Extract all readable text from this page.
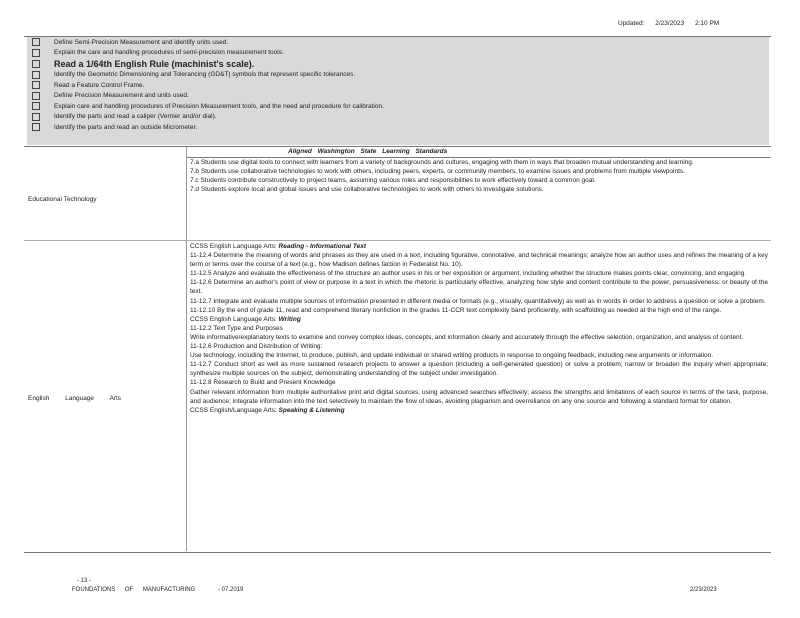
Updated: 2/23/2023 2:10 PM
Define Semi-Precision Measurement and identify units used.
Explain the care and handling procedures of semi-precision measurement tools.
Read a 1/64th English Rule (machinist's scale).
Identify the Geometric Dimensioning and Tolerancing (GD&T) symbols that represent specific tolerances.
Read a Feature Control Frame.
Define Precision Measurement and units used.
Explain care and handling procedures of Precision Measurement tools, and the need and procedure for calibration.
Identify the parts and read a caliper (Vernier and/or dial).
Identify the parts and read an outside Micrometer.
Aligned Washington State Learning Standards
Educational Technology

7.a Students use digital tools to connect with learners from a variety of backgrounds and cultures, engaging with them in ways that broaden mutual understanding and learning.

7.b Students use collaborative technologies to work with others, including peers, experts, or community members, to examine issues and problems from multiple viewpoints.

7.c Students contribute constructively to project teams, assuming various roles and responsibilities to work effectively toward a common goal.

7.d Students explore local and global issues and use collaborative technologies to work with others to investigate solutions.

English Language Arts

CCSS English Language Arts: Reading - Informational Text

11-12.4 Determine the meaning of words and phrases as they are used in a text, including figurative, connotative, and technical meanings; analyze how an author uses and refines the meaning of a key term or terms over the course of a text (e.g., how Madison defines faction in Federalist No. 10).

11-12.5 Analyze and evaluate the effectiveness of the structure an author uses in his or her exposition or argument, including whether the structure makes points clear, convincing, and engaging.

11-12.6 Determine an author's point of view or purpose in a text in which the rhetoric is particularly effective, analyzing how style and content contribute to the power, persuasiveness, or beauty of the text.

11-12.7 Integrate and evaluate multiple sources of information presented in different media or formats (e.g., visually, quantitatively) as well as in words in order to address a question or solve a problem.

11-12.10 By the end of grade 11, read and comprehend literary nonfiction in the grades 11-CCR text complexity band proficiently, with scaffolding as needed at the high end of the range.

CCSS English Language Arts: Writing

11-12.2 Text Type and Purposes

Write informative/explanatory texts to examine and convey complex ideas, concepts, and information clearly and accurately through the effective selection, organization, and analysis of content.

11-12.6 Production and Distribution of Writing:

Use technology, including the Internet, to produce, publish, and update individual or shared writing products in response to ongoing feedback, including new arguments or information.

11-12.7 Conduct short as well as more sustained research projects to answer a question (including a self-generated question) or solve a problem; narrow or broaden the inquiry when appropriate; synthesize multiple sources on the subject, demonstrating understanding of the subject under investigation.

11-12.8 Research to Build and Present Knowledge

Gather relevant information from multiple authoritative print and digital sources, using advanced searches effectively; assess the strengths and limitations of each source in terms of the task, purpose, and audience; integrate information into the text selectively to maintain the flow of ideas, avoiding plagiarism and overreliance on any one source and following a standard format for citation.

CCSS English/Language Arts: Speaking & Listening

- 13 -
FOUNDATIONS OF MANUFACTURING	- 07.2019	2/23/2023
